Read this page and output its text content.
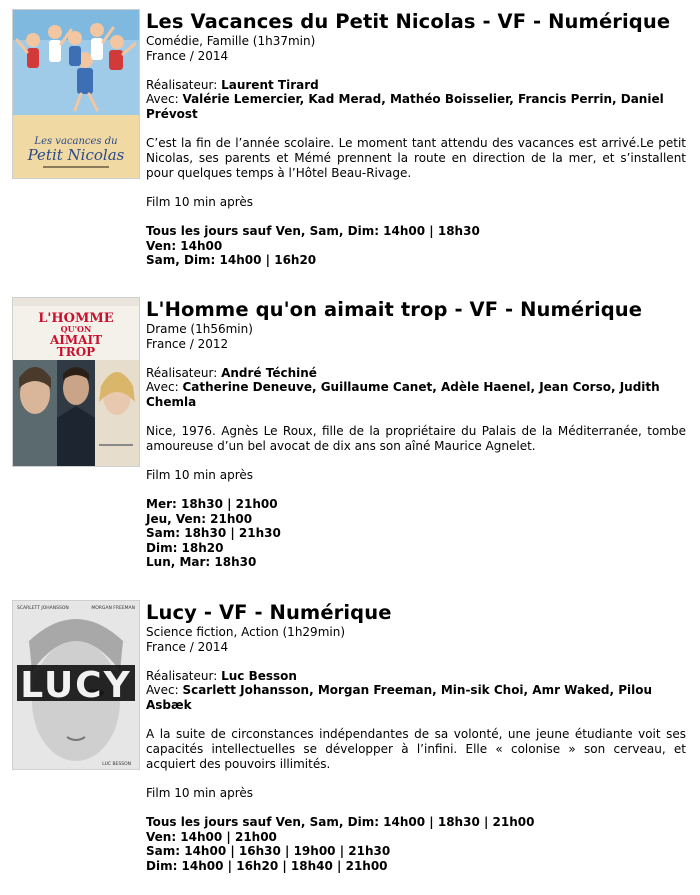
Les vacances du
Petit Nicolas

Les Vacances du Petit Nicolas - VF - Numérique

Comédie, Famille (1h37min)

France / 2014

Réalisateur: Laurent Tirard

Avec: Valérie Lemercier, Kad Merad, Mathéo Boisselier, Francis Perrin, Daniel Prévost

C’est la fin de l’année scolaire. Le moment tant attendu des vacances est arrivé.Le petit Nicolas, ses parents et Mémé prennent la route en direction de la mer, et s’installent pour quelques temps à l’Hôtel Beau-Rivage.

Film 10 min après

Tous les jours sauf Ven, Sam, Dim: 14h00 | 18h30

Ven: 14h00

Sam, Dim: 14h00 | 16h20

L'HOMME
QU'ON
AIMAIT
TROP

L'Homme qu'on aimait trop - VF - Numérique

Drame (1h56min)

France / 2012

Réalisateur: André Téchiné

Avec: Catherine Deneuve, Guillaume Canet, Adèle Haenel, Jean Corso, Judith Chemla

Nice, 1976. Agnès Le Roux, fille de la propriétaire du Palais de la Méditerranée, tombe amoureuse d’un bel avocat de dix ans son aîné Maurice Agnelet.

Film 10 min après

Mer: 18h30 | 21h00

Jeu, Ven: 21h00

Sam: 18h30 | 21h30

Dim: 18h20

Lun, Mar: 18h30

SCARLETT JOHANSSON	MORGAN FREEMAN
LUCY
LUC BESSON

Lucy - VF - Numérique

Science fiction, Action (1h29min)

France / 2014

Réalisateur: Luc Besson

Avec: Scarlett Johansson, Morgan Freeman, Min-sik Choi, Amr Waked, Pilou Asbæk

A la suite de circonstances indépendantes de sa volonté, une jeune étudiante voit ses capacités intellectuelles se développer à l’infini. Elle « colonise » son cerveau, et acquiert des pouvoirs illimités.

Film 10 min après

Tous les jours sauf Ven, Sam, Dim: 14h00 | 18h30 | 21h00

Ven: 14h00 | 21h00

Sam: 14h00 | 16h30 | 19h00 | 21h30

Dim: 14h00 | 16h20 | 18h40 | 21h00
